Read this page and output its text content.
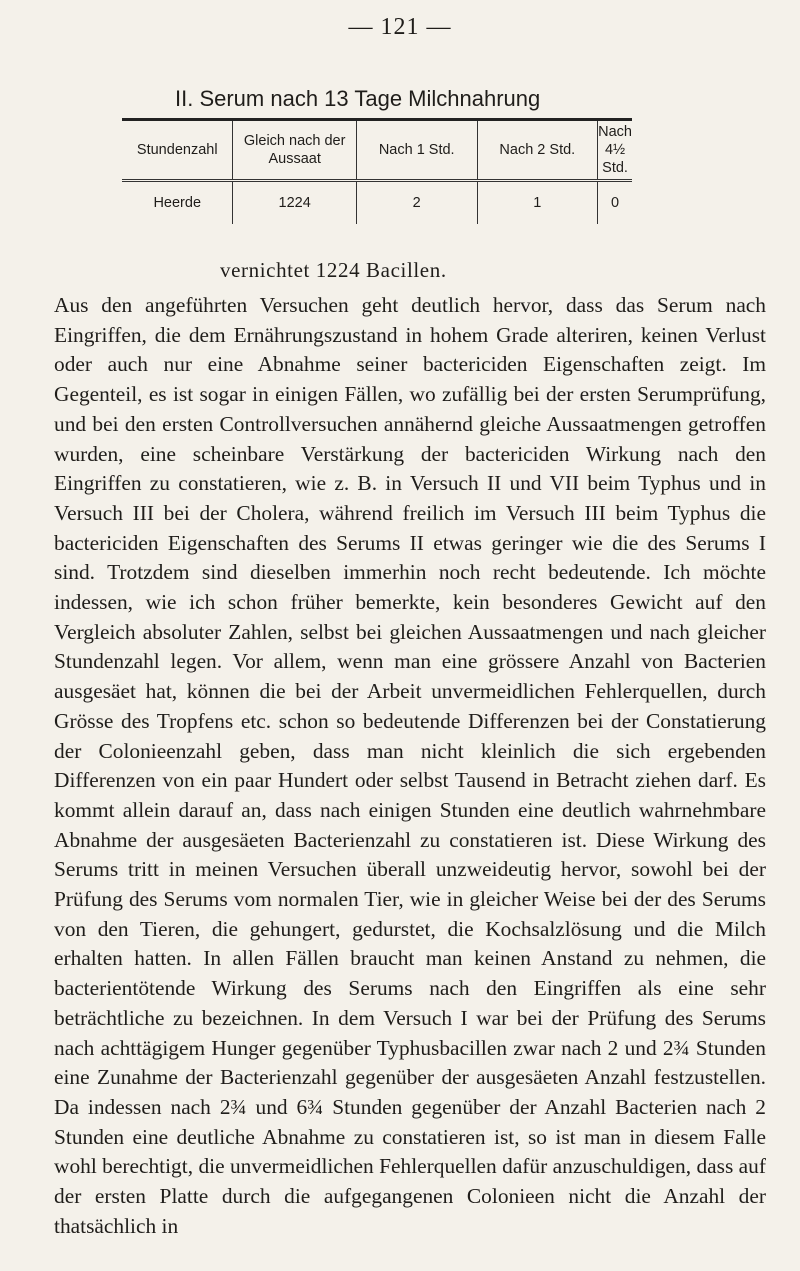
— 121 —
II. Serum nach 13 Tage Milchnahrung
Stundenzahl	Gleich nach der Aussaat	Nach 1 Std.	Nach 2 Std.	Nach 4½ Std.
Heerde	1224	2	1	0
vernichtet 1224 Bacillen.
Aus den angeführten Versuchen geht deutlich hervor, dass das Serum nach Eingriffen, die dem Ernährungszustand in hohem Grade alteriren, keinen Verlust oder auch nur eine Abnahme seiner bactericiden Eigenschaften zeigt. Im Gegenteil, es ist sogar in einigen Fällen, wo zufällig bei der ersten Serumprüfung, und bei den ersten Controllversuchen annähernd gleiche Aussaatmengen getroffen wurden, eine scheinbare Verstärkung der bactericiden Wirkung nach den Eingriffen zu constatieren, wie z. B. in Versuch II und VII beim Typhus und in Versuch III bei der Cholera, während freilich im Versuch III beim Typhus die bactericiden Eigenschaften des Serums II etwas geringer wie die des Serums I sind. Trotzdem sind dieselben immerhin noch recht bedeutende. Ich möchte indessen, wie ich schon früher bemerkte, kein besonderes Gewicht auf den Vergleich absoluter Zahlen, selbst bei gleichen Aussaatmengen und nach gleicher Stundenzahl legen. Vor allem, wenn man eine grössere Anzahl von Bacterien ausgesäet hat, können die bei der Arbeit unvermeidlichen Fehlerquellen, durch Grösse des Tropfens etc. schon so bedeutende Differenzen bei der Constatierung der Colonieenzahl geben, dass man nicht kleinlich die sich ergebenden Differenzen von ein paar Hundert oder selbst Tausend in Betracht ziehen darf. Es kommt allein darauf an, dass nach einigen Stunden eine deutlich wahrnehmbare Abnahme der ausgesäeten Bacterienzahl zu constatieren ist. Diese Wirkung des Serums tritt in meinen Versuchen überall unzweideutig hervor, sowohl bei der Prüfung des Serums vom normalen Tier, wie in gleicher Weise bei der des Serums von den Tieren, die gehungert, gedurstet, die Kochsalzlösung und die Milch erhalten hatten. In allen Fällen braucht man keinen Anstand zu nehmen, die bacterientötende Wirkung des Serums nach den Eingriffen als eine sehr beträchtliche zu bezeichnen. In dem Versuch I war bei der Prüfung des Serums nach achttägigem Hunger gegenüber Typhusbacillen zwar nach 2 und 2¾ Stunden eine Zunahme der Bacterienzahl gegenüber der ausgesäeten Anzahl festzustellen. Da indessen nach 2¾ und 6¾ Stunden gegenüber der Anzahl Bacterien nach 2 Stunden eine deutliche Abnahme zu constatieren ist, so ist man in diesem Falle wohl berechtigt, die unvermeidlichen Fehlerquellen dafür anzuschuldigen, dass auf der ersten Platte durch die aufgegangenen Colonieen nicht die Anzahl der thatsächlich in
